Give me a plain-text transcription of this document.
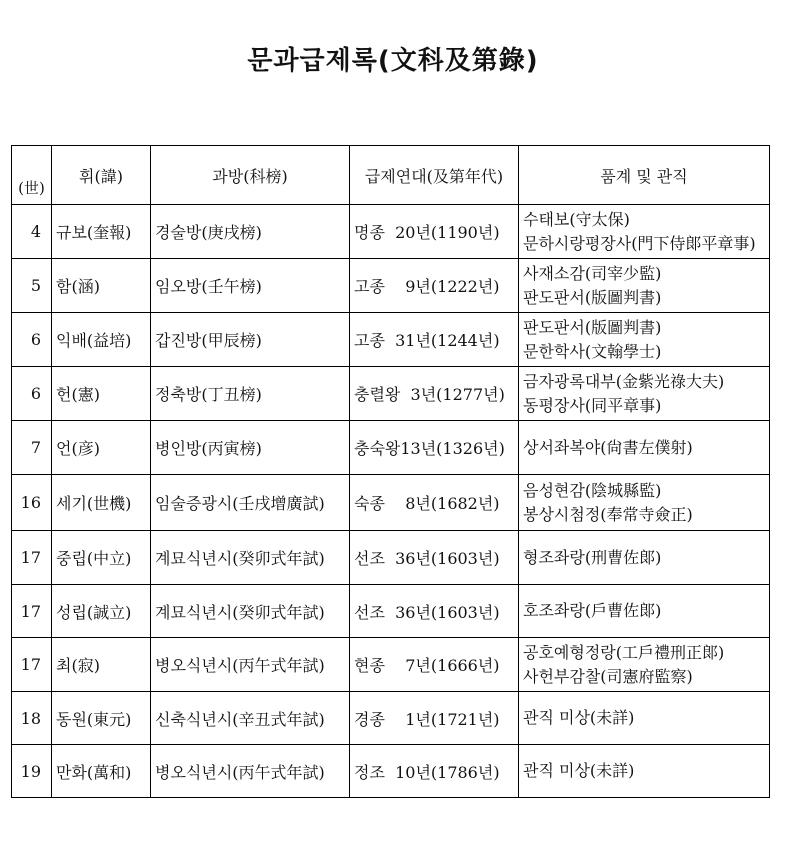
문과급제록(文科及第錄)
(世)	휘(諱)	과방(科榜)	급제연대(及第年代)	품계 및 관직
4	규보(奎報)	경술방(庚戌榜)	명종  20년(1190년)	수태보(守太保)
문하시랑평장사(門下侍郞平章事)

5	함(涵)	임오방(壬午榜)	고종    9년(1222년)	사재소감(司宰少監)
판도판서(版圖判書)

6	익배(益培)	갑진방(甲辰榜)	고종  31년(1244년)	판도판서(版圖判書)
문한학사(文翰學士)

6	헌(憲)	정축방(丁丑榜)	충렬왕  3년(1277년)	금자광록대부(金紫光祿大夫)
동평장사(同平章事)

7	언(彦)	병인방(丙寅榜)	충숙왕13년(1326년)	상서좌복야(尙書左僕射)

16	세기(世機)	임술증광시(壬戌增廣試)	숙종    8년(1682년)	음성현감(陰城縣監)
봉상시첨정(奉常寺僉正)

17	중립(中立)	계묘식년시(癸卯式年試)	선조  36년(1603년)	형조좌랑(刑曹佐郞)

17	성립(誠立)	계묘식년시(癸卯式年試)	선조  36년(1603년)	호조좌랑(戶曹佐郞)

17	최(寂)	병오식년시(丙午式年試)	현종    7년(1666년)	공호예형정랑(工戶禮刑正郞)
사헌부감찰(司憲府監察)

18	동원(東元)	신축식년시(辛丑式年試)	경종    1년(1721년)	관직 미상(未詳)

19	만화(萬和)	병오식년시(丙午式年試)	정조  10년(1786년)	관직 미상(未詳)
